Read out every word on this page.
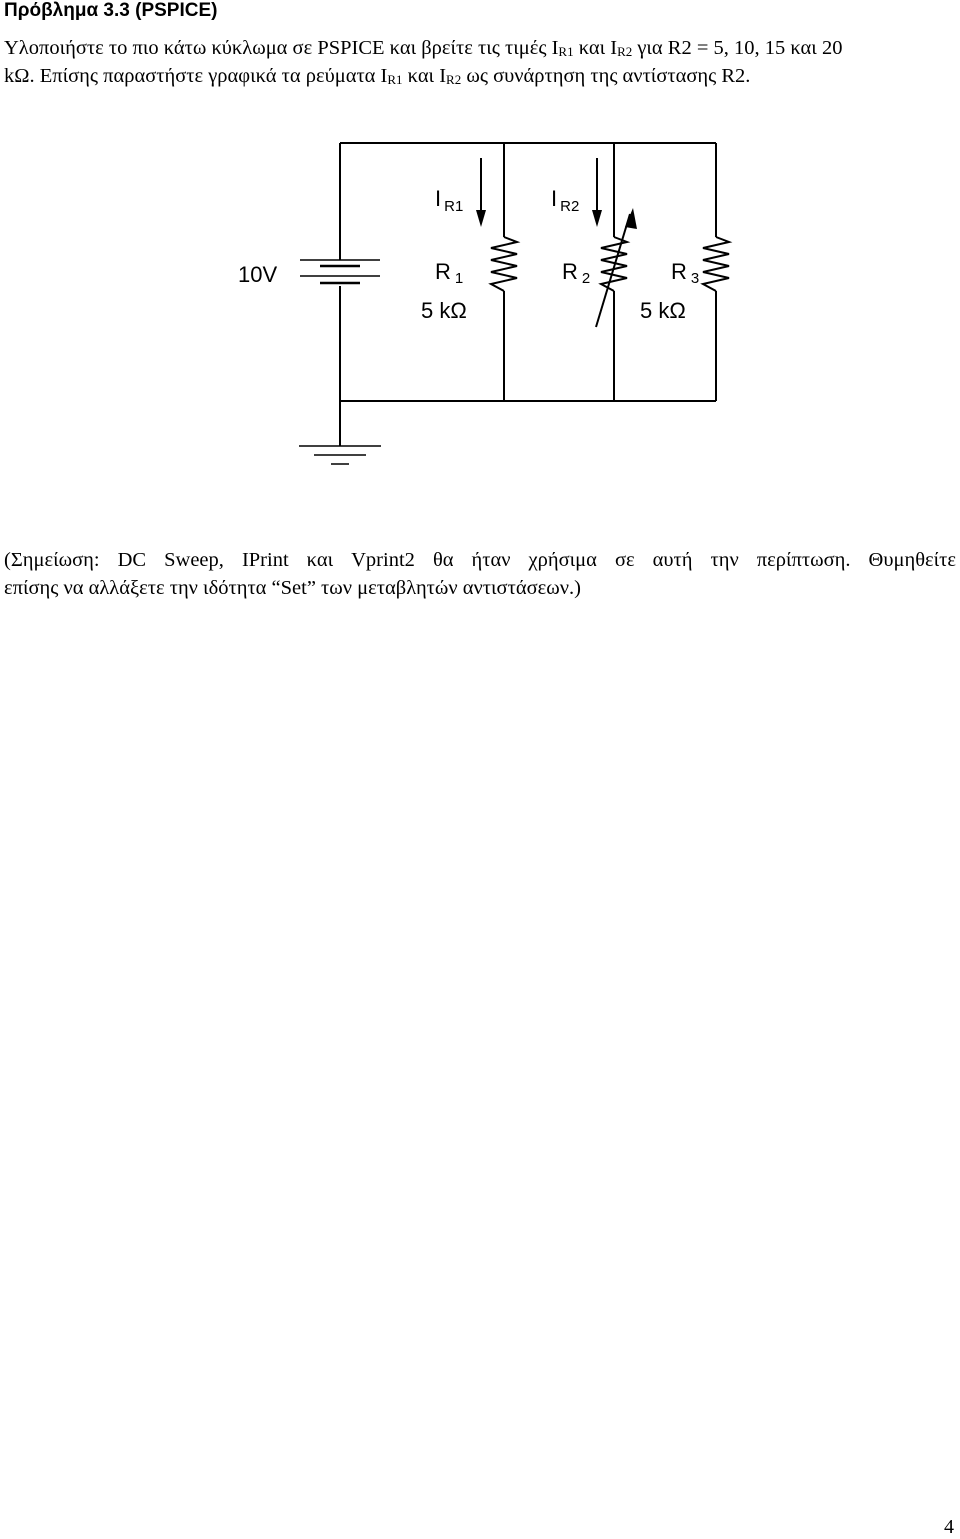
Πρόβλημα 3.3 (PSPICE)

Υλοποιήστε το πιο κάτω κύκλωμα σε PSPICE και βρείτε τις τιμές $I_{R1}$ και $I_{R2}$ για R2 = 5, 10, 15 και 20
kΩ. Επίσης παραστήστε γραφικά τα ρεύματα $I_{R1}$ και $I_{R2}$ ως συνάρτηση της αντίστασης R2.

10V
I $_{R1}$	I $_{R2}$
R 1
5 kΩ
R 2	R 3
5 kΩ

(Σημείωση: DC Sweep, IPrint και Vprint2 θα ήταν χρήσιμα σε αυτή την περίπτωση. Θυμηθείτε
επίσης να αλλάξετε την ιδότητα “Set” των μεταβλητών αντιστάσεων.)

4
